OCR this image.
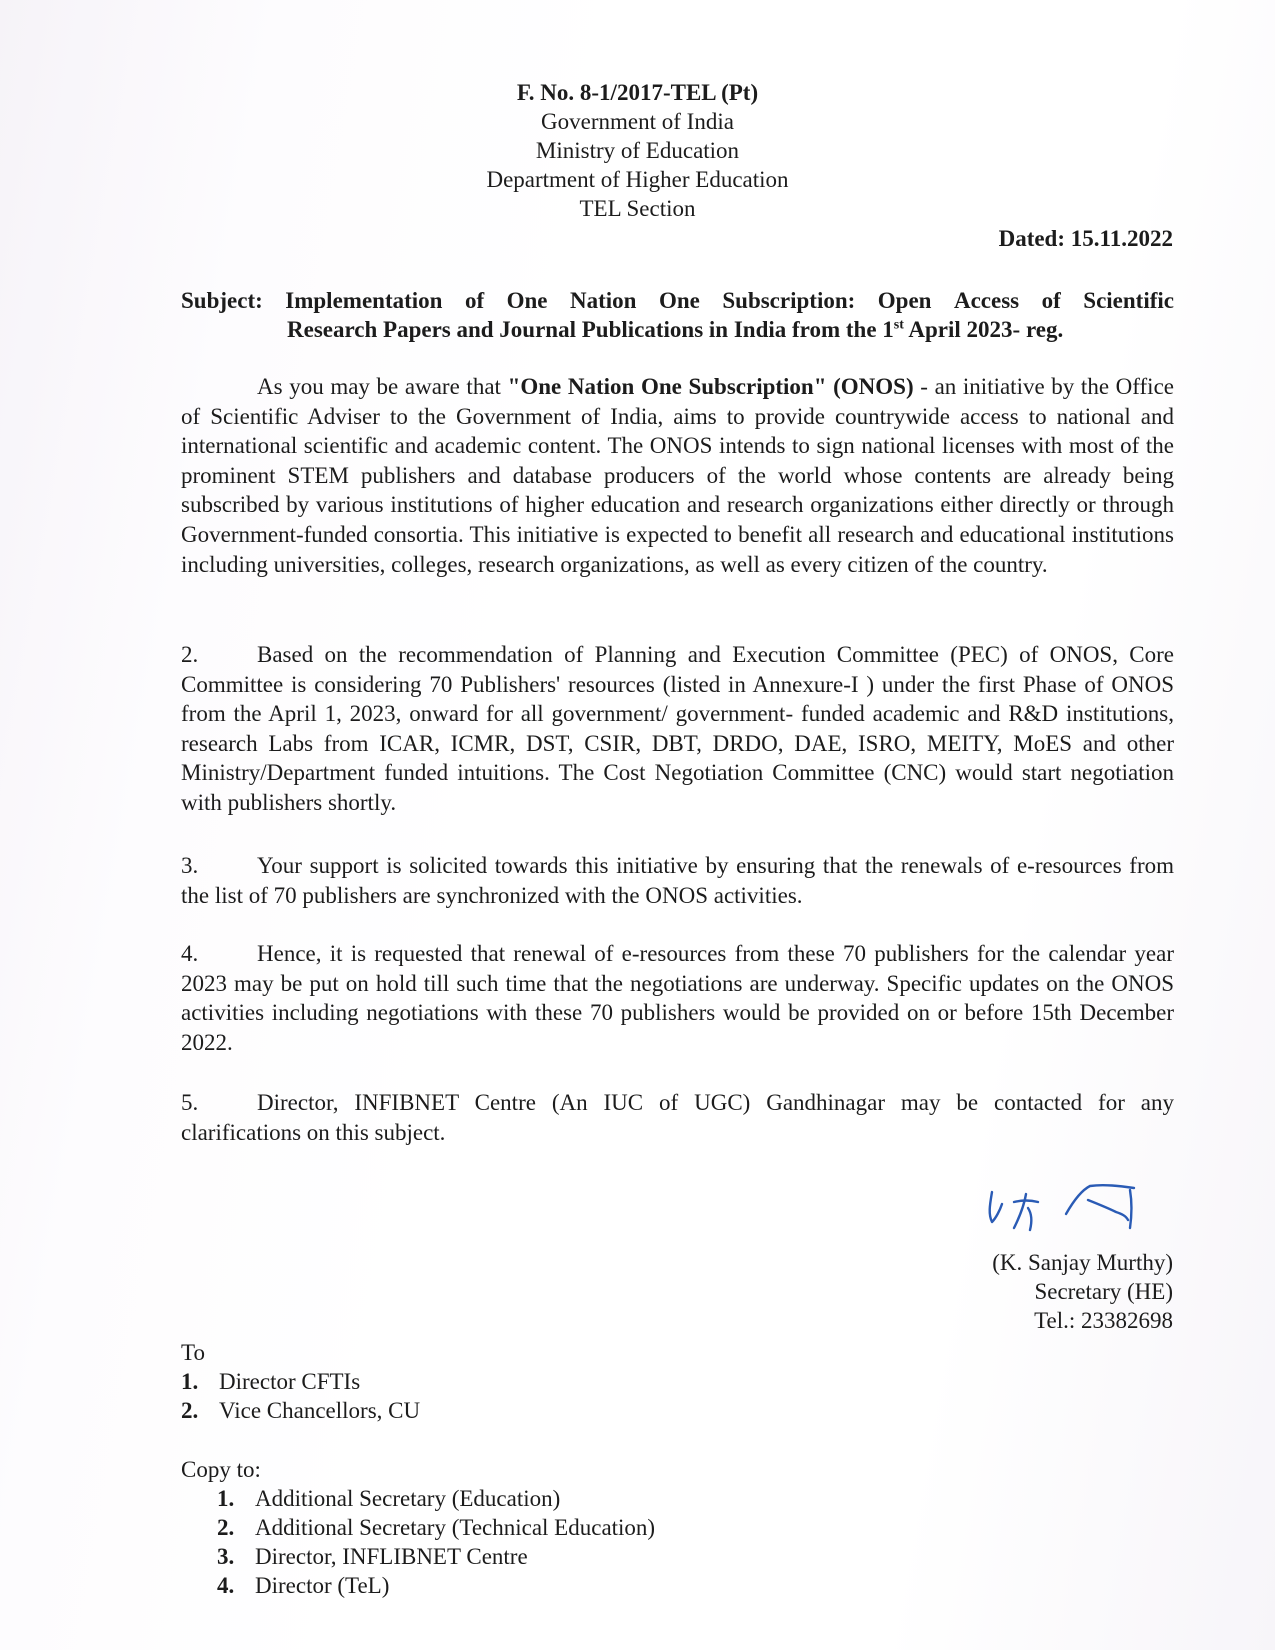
F. No. 8-1/2017-TEL (Pt)
Government of India
Ministry of Education
Department of Higher Education
TEL Section
Dated: 15.11.2022
Subject: Implementation of One Nation One Subscription: Open Access of Scientific
Research Papers and Journal Publications in India from the 1st April 2023- reg.
As you may be aware that "One Nation One Subscription" (ONOS) - an initiative by the Office of Scientific Adviser to the Government of India, aims to provide countrywide access to national and international scientific and academic content. The ONOS intends to sign national licenses with most of the prominent STEM publishers and database producers of the world whose contents are already being subscribed by various institutions of higher education and research organizations either directly or through Government-funded consortia. This initiative is expected to benefit all research and educational institutions including universities, colleges, research organizations, as well as every citizen of the country.
2.	Based on the recommendation of Planning and Execution Committee (PEC) of ONOS, Core Committee is considering 70 Publishers' resources (listed in Annexure-I ) under the first Phase of ONOS from the April 1, 2023, onward for all government/ government- funded academic and R&D institutions, research Labs from ICAR, ICMR, DST, CSIR, DBT, DRDO, DAE, ISRO, MEITY, MoES and other Ministry/Department funded intuitions. The Cost Negotiation Committee (CNC) would start negotiation with publishers shortly.
3.	Your support is solicited towards this initiative by ensuring that the renewals of e-resources from the list of 70 publishers are synchronized with the ONOS activities.
4.	Hence, it is requested that renewal of e-resources from these 70 publishers for the calendar year 2023 may be put on hold till such time that the negotiations are underway. Specific updates on the ONOS activities including negotiations with these 70 publishers would be provided on or before 15th December 2022.
5.	Director, INFIBNET Centre (An IUC of UGC) Gandhinagar may be contacted for any clarifications on this subject.
(K. Sanjay Murthy)
Secretary (HE)
Tel.: 23382698
To
1. Director CFTIs
2. Vice Chancellors, CU
Copy to:
1. Additional Secretary (Education)
2. Additional Secretary (Technical Education)
3. Director, INFLIBNET Centre
4. Director (TeL)
